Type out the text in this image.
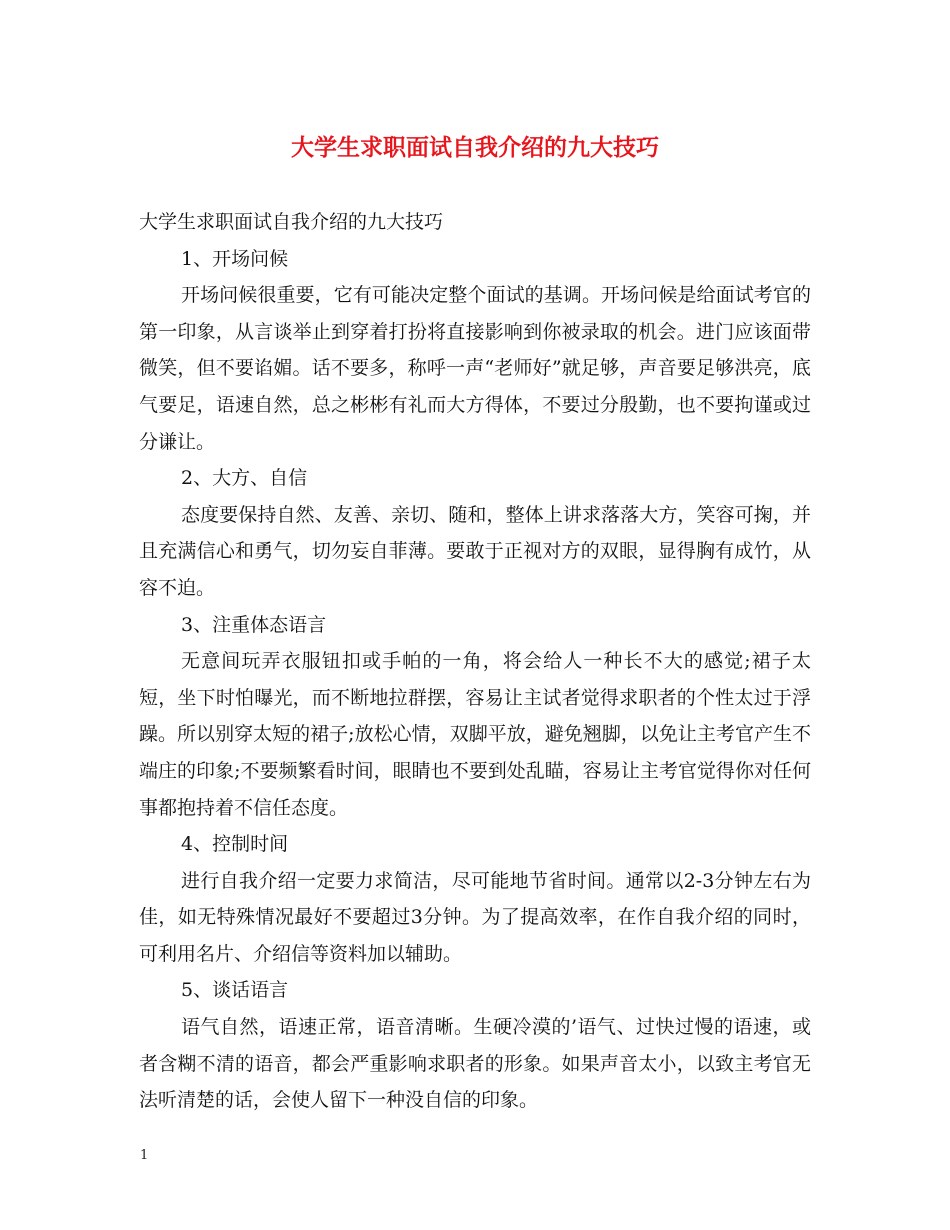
大学生求职面试自我介绍的九大技巧

大学生求职面试自我介绍的九大技巧

1、开场问候

开场问候很重要，它有可能决定整个面试的基调。开场问候是给面试考官的第一印象，从言谈举止到穿着打扮将直接影响到你被录取的机会。进门应该面带微笑，但不要谄媚。话不要多，称呼一声“老师好”就足够，声音要足够洪亮，底气要足，语速自然，总之彬彬有礼而大方得体，不要过分殷勤，也不要拘谨或过分谦让。

2、大方、自信

态度要保持自然、友善、亲切、随和，整体上讲求落落大方，笑容可掬，并且充满信心和勇气，切勿妄自菲薄。要敢于正视对方的双眼，显得胸有成竹，从容不迫。

3、注重体态语言

无意间玩弄衣服钮扣或手帕的一角，将会给人一种长不大的感觉;裙子太短，坐下时怕曝光，而不断地拉群摆，容易让主试者觉得求职者的个性太过于浮躁。所以别穿太短的裙子;放松心情，双脚平放，避免翘脚，以免让主考官产生不端庄的印象;不要频繁看时间，眼睛也不要到处乱瞄，容易让主考官觉得你对任何事都抱持着不信任态度。

4、控制时间

进行自我介绍一定要力求简洁，尽可能地节省时间。通常以2-3分钟左右为佳，如无特殊情况最好不要超过3分钟。为了提高效率，在作自我介绍的同时，可利用名片、介绍信等资料加以辅助。

5、谈话语言

语气自然，语速正常，语音清晰。生硬冷漠的’语气、过快过慢的语速，或者含糊不清的语音，都会严重影响求职者的形象。如果声音太小，以致主考官无法听清楚的话，会使人留下一种没自信的印象。

1
